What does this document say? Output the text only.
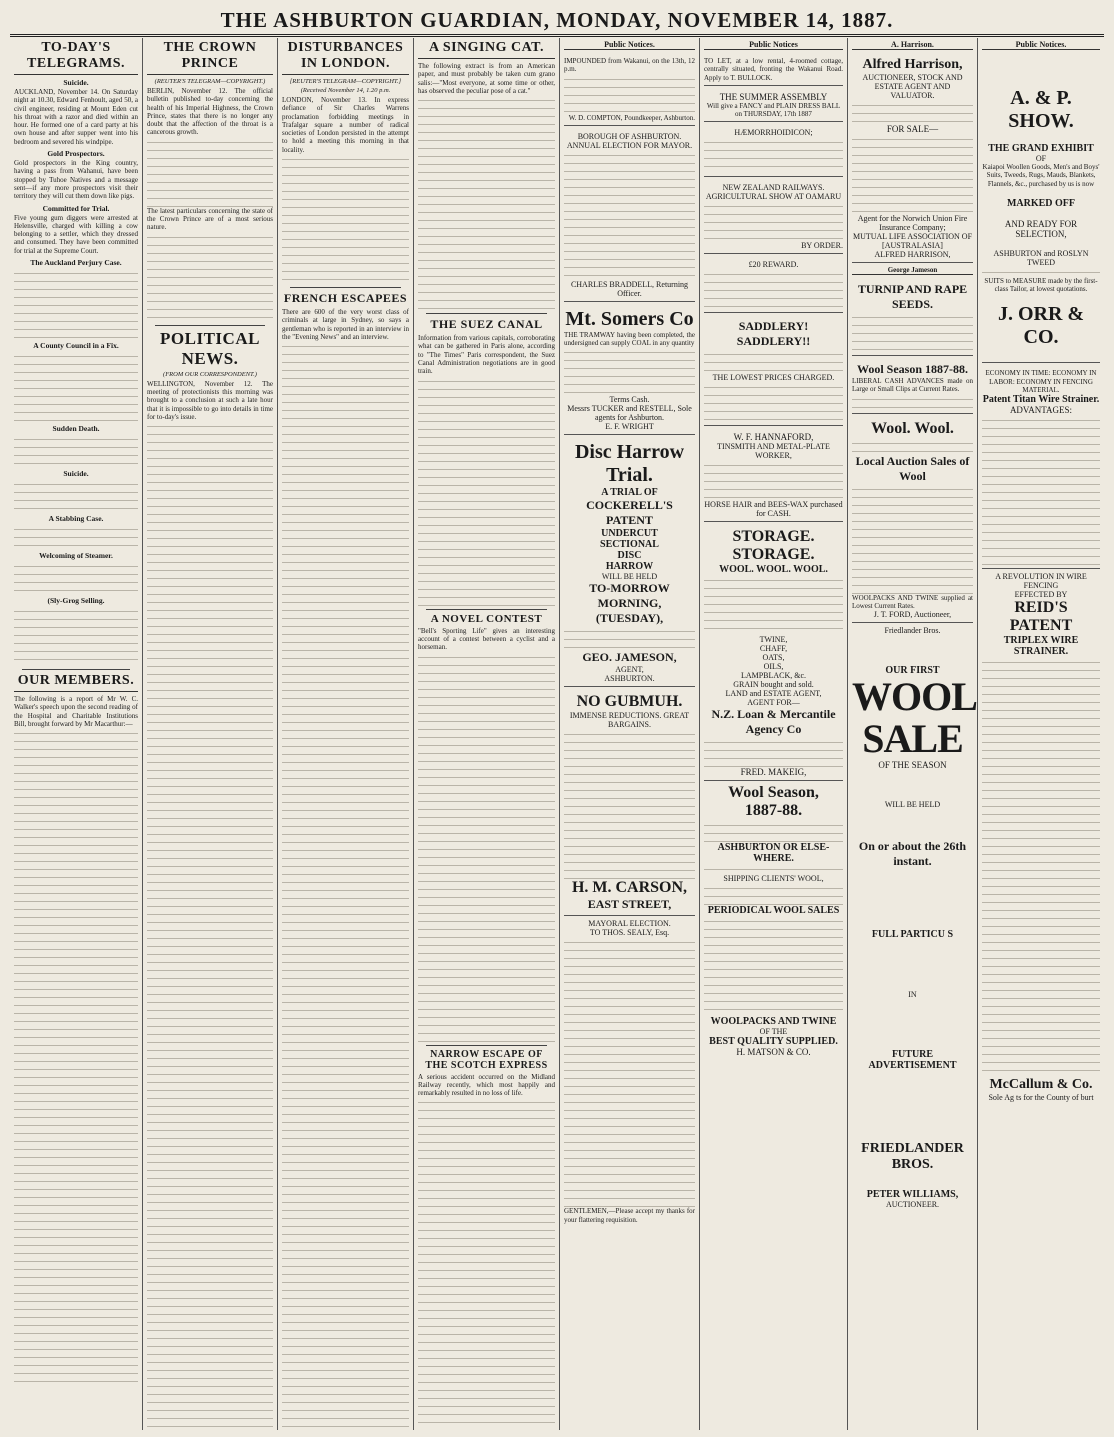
THE ASHBURTON GUARDIAN, MONDAY, NOVEMBER 14, 1887.
TO-DAY'S TELEGRAMS.
Suicide.

AUCKLAND, November 14. On Saturday night at 10.30, Edward Fenhoult, aged 50, a civil engineer, residing at Mount Eden cut his throat with a razor and died within an hour. He formed one of a card party at his own house and after supper went into his bedroom and severed his windpipe.

Gold Prospectors.

Gold prospectors in the King country, having a pass from Wahanui, have been stopped by Tuhoe Natives and a message sent—if any more prospectors visit their territory they will cut them down like pigs.

Committed for Trial.

Five young gum diggers were arrested at Helensville, charged with killing a cow belonging to a settler, which they dressed and consumed. They have been committed for trial at the Supreme Court.

The Auckland Perjury Case.
A County Council in a Fix.
Sudden Death.
Suicide.
A Stabbing Case.
Welcoming of Steamer.
(Sly-Grog Selling.
OUR MEMBERS.

The following is a report of Mr W. C. Walker's speech upon the second reading of the Hospital and Charitable Institutions Bill, brought forward by Mr Macarthur:—

THE CROWN PRINCE
(REUTER'S TELEGRAM—COPYRIGHT.)

BERLIN, November 12. The official bulletin published to-day concerning the health of his Imperial Highness, the Crown Prince, states that there is no longer any doubt that the affection of the throat is a cancerous growth.

The latest particulars concerning the state of the Crown Prince are of a most serious nature.

POLITICAL NEWS.
(FROM OUR CORRESPONDENT.)

WELLINGTON, November 12. The meeting of protectionists this morning was brought to a conclusion at such a late hour that it is impossible to go into details in time for to-day's issue.

DISTURBANCES IN LONDON.
[REUTER'S TELEGRAM—COPYRIGHT.]
(Received November 14, 1.20 p.m.

LONDON, November 13. In express defiance of Sir Charles Warrens proclamation forbidding meetings in Trafalgar square a number of radical societies of London persisted in the attempt to hold a meeting this morning in that locality.

FRENCH ESCAPEES

There are 600 of the very worst class of criminals at large in Sydney, so says a gentleman who is reported in an interview in the "Evening News" and an interview.

A SINGING CAT.

The following extract is from an American paper, and must probably be taken cum grano salis:—"Most everyone, at some time or other, has observed the peculiar pose of a cat."

THE SUEZ CANAL

Information from various capitals, corroborating what can be gathered in Paris alone, according to "The Times" Paris correspondent, the Suez Canal Administration negotiations are in good train.

A NOVEL CONTEST

"Bell's Sporting Life" gives an interesting account of a contest between a cyclist and a horseman.

NARROW ESCAPE OF THE SCOTCH EXPRESS

A serious accident occurred on the Midland Railway recently, which most happily and remarkably resulted in no loss of life.

Public Notices.

IMPOUNDED from Wakanui, on the 13th, 12 p.m.

W. D. COMPTON, Poundkeeper, Ashburton.

BOROUGH OF ASHBURTON.
ANNUAL ELECTION FOR MAYOR.
CHARLES BRADDELL, Returning Officer.
Mt. Somers Co

THE TRAMWAY having been completed, the undersigned can supply COAL in any quantity

Terms Cash.
Messrs TUCKER and RESTELL, Sole agents for Ashburton.
E. F. WRIGHT
Disc Harrow Trial.
A TRIAL OF
COCKERELL'S PATENT
UNDERCUT
SECTIONAL
DISC
HARROW
WILL BE HELD
TO-MORROW MORNING,
(TUESDAY),
GEO. JAMESON,
AGENT,
ASHBURTON.
NO GUBMUH.
IMMENSE REDUCTIONS. GREAT BARGAINS.
H. M. CARSON,
EAST STREET,
MAYORAL ELECTION.
TO THOS. SEALY, Esq.

GENTLEMEN,—Please accept my thanks for your flattering requisition.

Public Notices

TO LET, at a low rental, 4-roomed cottage, centrally situated, fronting the Wakanui Road. Apply to T. BULLOCK.

THE SUMMER ASSEMBLY

Will give a FANCY and PLAIN DRESS BALL on THURSDAY, 17th 1887

HÆMORRHOIDICON;
NEW ZEALAND RAILWAYS.
AGRICULTURAL SHOW AT OAMARU
BY ORDER.
£20 REWARD.
SADDLERY! SADDLERY!!
THE LOWEST PRICES CHARGED.
W. F. HANNAFORD,
TINSMITH AND METAL-PLATE WORKER,
HORSE HAIR and BEES-WAX purchased for CASH.
STORAGE. STORAGE.
WOOL. WOOL. WOOL.
TWINE,
CHAFF,
OATS,
OILS,
LAMPBLACK, &c.
GRAIN bought and sold.
LAND and ESTATE AGENT,
AGENT FOR—
N.Z. Loan & Mercantile Agency Co
FRED. MAKEIG,
Wool Season,
1887-88.
ASHBURTON OR ELSE-
WHERE.
SHIPPING CLIENTS' WOOL,
PERIODICAL WOOL SALES
WOOLPACKS AND TWINE
OF THE
BEST QUALITY SUPPLIED.
H. MATSON & CO.
A. Harrison.
Alfred Harrison,
AUCTIONEER, STOCK AND ESTATE AGENT AND VALUATOR.
FOR SALE—
Agent for the Norwich Union Fire Insurance Company;
MUTUAL LIFE ASSOCIATION OF [AUSTRALASIA]
ALFRED HARRISON,
George Jameson
TURNIP AND RAPE SEEDS.
Wool Season 1887-88.

LIBERAL CASH ADVANCES made on Large or Small Clips at Current Rates.

Wool. Wool.
Local Auction Sales of Wool

WOOLPACKS AND TWINE supplied at Lowest Current Rates.

J. T. FORD, Auctioneer,
Friedlander Bros.
OUR FIRST
WOOL SALE
OF THE SEASON
WILL BE HELD
On or about the 26th instant.
FULL PARTICU S
IN
FUTURE ADVERTISEMENT
FRIEDLANDER BROS.
PETER WILLIAMS,
AUCTIONEER.
Public Notices.
A. & P. SHOW.
THE GRAND EXHIBIT
OF

Kaiapoi Woollen Goods, Men's and Boys' Suits, Tweeds, Rugs, Mauds, Blankets, Flannels, &c., purchased by us is now

MARKED OFF
AND READY FOR SELECTION,
ASHBURTON and ROSLYN TWEED

SUITS to MEASURE made by the first-class Tailor, at lowest quotations.

J. ORR & CO.

ECONOMY IN TIME: ECONOMY IN LABOR: ECONOMY IN FENCING MATERIAL.

Patent Titan Wire Strainer.
ADVANTAGES:
A REVOLUTION IN WIRE FENCING
EFFECTED BY
REID'S PATENT
TRIPLEX WIRE STRAINER.
McCallum & Co.
Sole Ag ts for the County of burt
